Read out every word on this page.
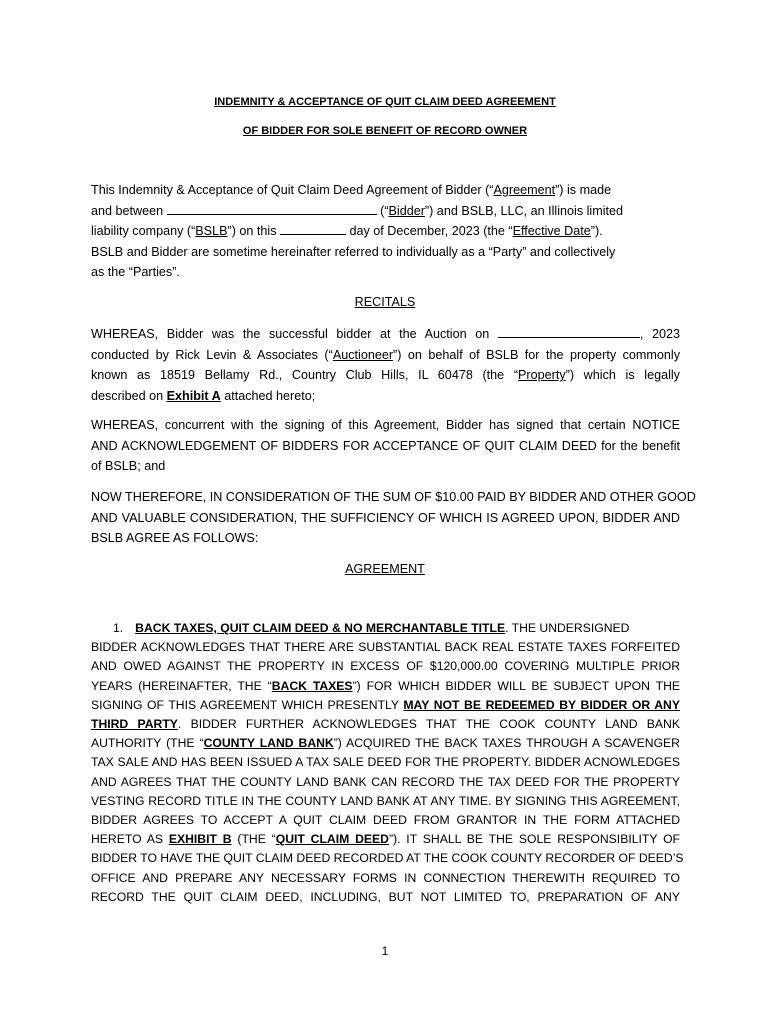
INDEMNITY & ACCEPTANCE OF QUIT CLAIM DEED AGREEMENT
OF BIDDER FOR SOLE BENEFIT OF RECORD OWNER
This Indemnity & Acceptance of Quit Claim Deed Agreement of Bidder (“Agreement”) is made
and between	(“Bidder”) and BSLB, LLC, an Illinois limited
liability company (“BSLB”) on this	day of December, 2023 (the “Effective Date”).
BSLB and Bidder are sometime hereinafter referred to individually as a “Party” and collectively
as the “Parties”.
RECITALS
WHEREAS, Bidder was the successful bidder at the Auction on	, 2023
conducted by Rick Levin & Associates (“Auctioneer”) on behalf of BSLB for the property commonly
known as 18519 Bellamy Rd., Country Club Hills, IL 60478 (the “Property”) which is legally
described on Exhibit A attached hereto;
WHEREAS, concurrent with the signing of this Agreement, Bidder has signed that certain NOTICE
AND ACKNOWLEDGEMENT OF BIDDERS FOR ACCEPTANCE OF QUIT CLAIM DEED for the benefit
of BSLB; and
NOW THEREFORE, IN CONSIDERATION OF THE SUM OF $10.00 PAID BY BIDDER AND OTHER GOOD
AND VALUABLE CONSIDERATION, THE SUFFICIENCY OF WHICH IS AGREED UPON, BIDDER AND
BSLB AGREE AS FOLLOWS:
AGREEMENT
1. BACK TAXES, QUIT CLAIM DEED & NO MERCHANTABLE TITLE. THE UNDERSIGNED
BIDDER ACKNOWLEDGES THAT THERE ARE SUBSTANTIAL BACK REAL ESTATE TAXES FORFEITED
AND OWED AGAINST THE PROPERTY IN EXCESS OF $120,000.00 COVERING MULTIPLE PRIOR
YEARS (HEREINAFTER, THE “BACK TAXES”) FOR WHICH BIDDER WILL BE SUBJECT UPON THE
SIGNING OF THIS AGREEMENT WHICH PRESENTLY MAY NOT BE REDEEMED BY BIDDER OR ANY
THIRD PARTY. BIDDER FURTHER ACKNOWLEDGES THAT THE COOK COUNTY LAND BANK
AUTHORITY (THE “COUNTY LAND BANK”) ACQUIRED THE BACK TAXES THROUGH A SCAVENGER
TAX SALE AND HAS BEEN ISSUED A TAX SALE DEED FOR THE PROPERTY. BIDDER ACNOWLEDGES
AND AGREES THAT THE COUNTY LAND BANK CAN RECORD THE TAX DEED FOR THE PROPERTY
VESTING RECORD TITLE IN THE COUNTY LAND BANK AT ANY TIME. BY SIGNING THIS AGREEMENT,
BIDDER AGREES TO ACCEPT A QUIT CLAIM DEED FROM GRANTOR IN THE FORM ATTACHED
HERETO AS EXHIBIT B (THE “QUIT CLAIM DEED”). IT SHALL BE THE SOLE RESPONSIBILITY OF
BIDDER TO HAVE THE QUIT CLAIM DEED RECORDED AT THE COOK COUNTY RECORDER OF DEED’S
OFFICE AND PREPARE ANY NECESSARY FORMS IN CONNECTION THEREWITH REQUIRED TO
RECORD THE QUIT CLAIM DEED, INCLUDING, BUT NOT LIMITED TO, PREPARATION OF ANY
1
